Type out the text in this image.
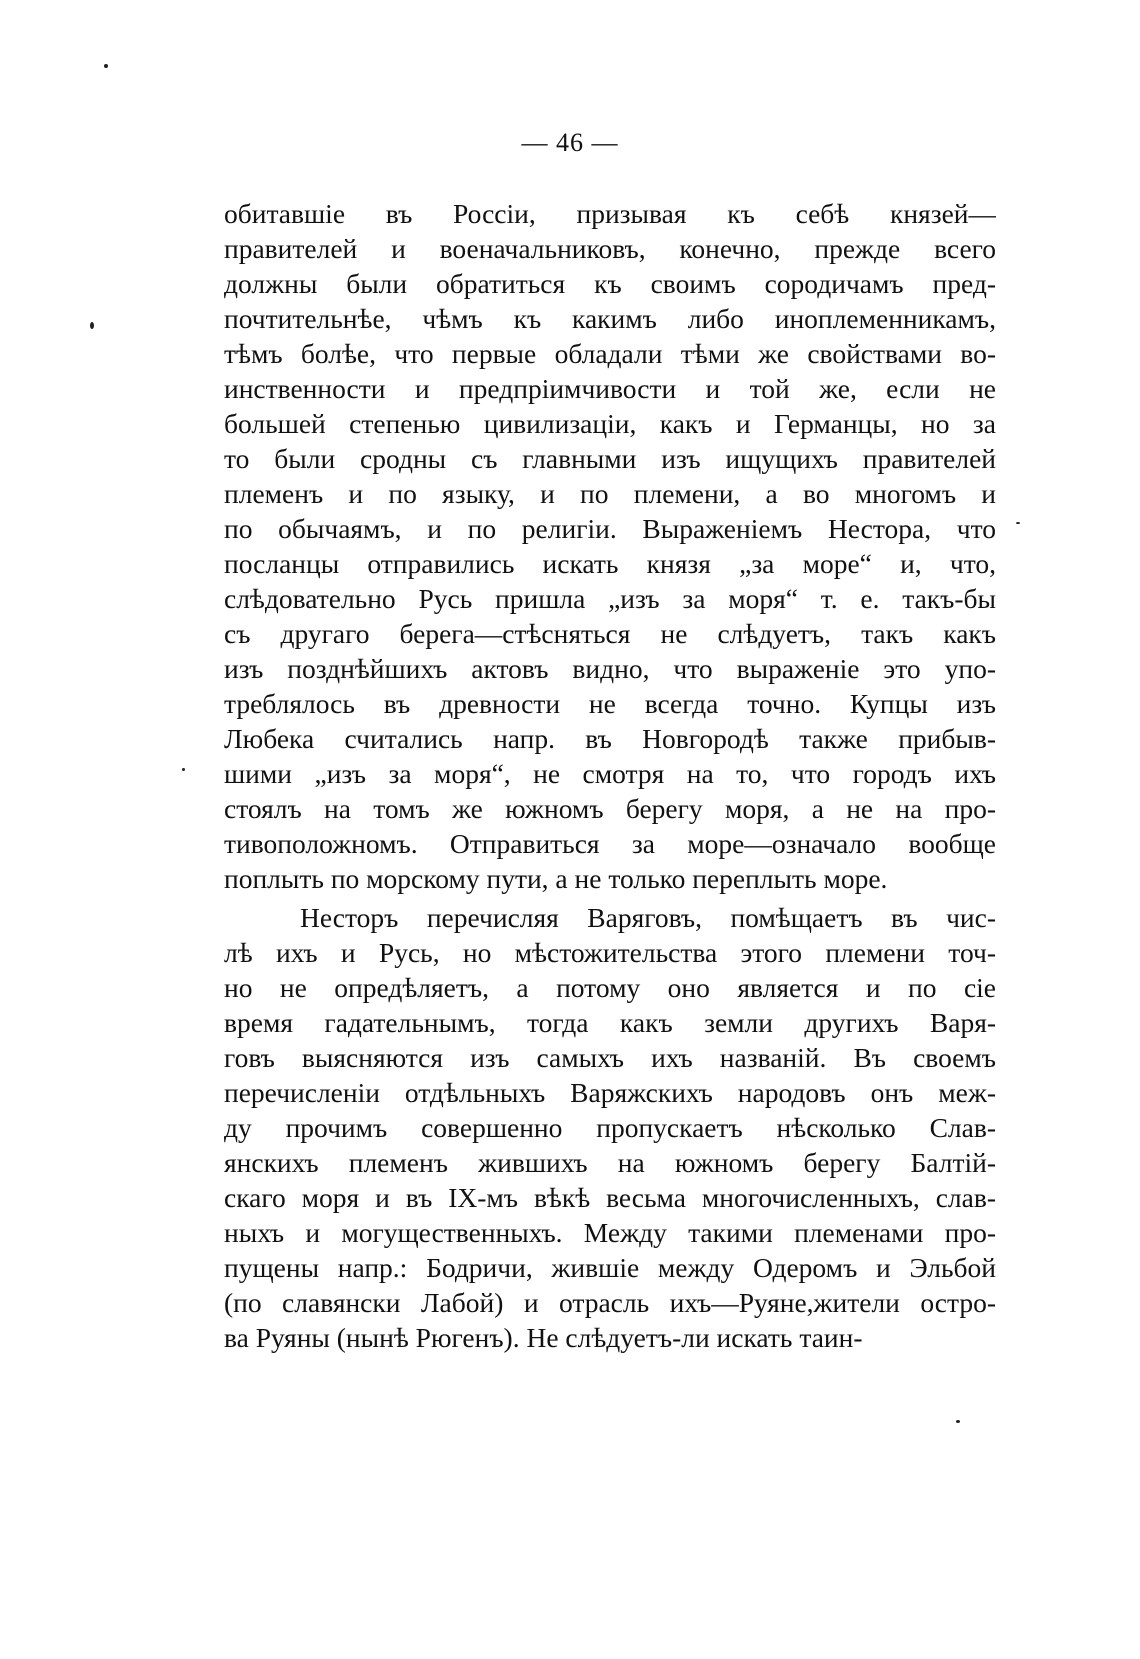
— 46 —
обитавшіе въ Россіи, призывая къ себѣ князей—
правителей и военачальниковъ, конечно, прежде всего
должны были обратиться къ своимъ сородичамъ пред-
почтительнѣе, чѣмъ къ какимъ либо иноплеменникамъ,
тѣмъ болѣе, что первые обладали тѣми же свойствами во-
инственности и предпріимчивости и той же, если не
большей степенью цивилизаціи, какъ и Германцы, но за
то были сродны съ главными изъ ищущихъ правителей
племенъ и по языку, и по племени, а во многомъ и
по обычаямъ, и по религіи. Выраженіемъ Нестора, что
посланцы отправились искать князя „за море“ и, что,
слѣдовательно Русь пришла „изъ за моря“ т. е. такъ-бы
съ другаго берега—стѣсняться не слѣдуетъ, такъ какъ
изъ позднѣйшихъ актовъ видно, что выраженіе это упо-
треблялось въ древности не всегда точно. Купцы изъ
Любека считались напр. въ Новгородѣ также прибыв-
шими „изъ за моря“, не смотря на то, что городъ ихъ
стоялъ на томъ же южномъ берегу моря, а не на про-
тивоположномъ. Отправиться за море—означало вообще
поплыть по морскому пути, а не только переплыть море.
Несторъ перечисляя Варяговъ, помѣщаетъ въ чис-
лѣ ихъ и Русь, но мѣстожительства этого племени точ-
но не опредѣляетъ, а потому оно является и по сіе
время гадательнымъ, тогда какъ земли другихъ Варя-
говъ выясняются изъ самыхъ ихъ названій. Въ своемъ
перечисленіи отдѣльныхъ Варяжскихъ народовъ онъ меж-
ду прочимъ совершенно пропускаетъ нѣсколько Слав-
янскихъ племенъ жившихъ на южномъ берегу Балтій-
скаго моря и въ IX-мъ вѣкѣ весьма многочисленныхъ, слав-
ныхъ и могущественныхъ. Между такими племенами про-
пущены напр.: Бодричи, жившіе между Одеромъ и Эльбой
(по славянски Лабой) и отрасль ихъ—Руяне,жители остро-
ва Руяны (нынѣ Рюгенъ). Не слѣдуетъ-ли искать таин-
